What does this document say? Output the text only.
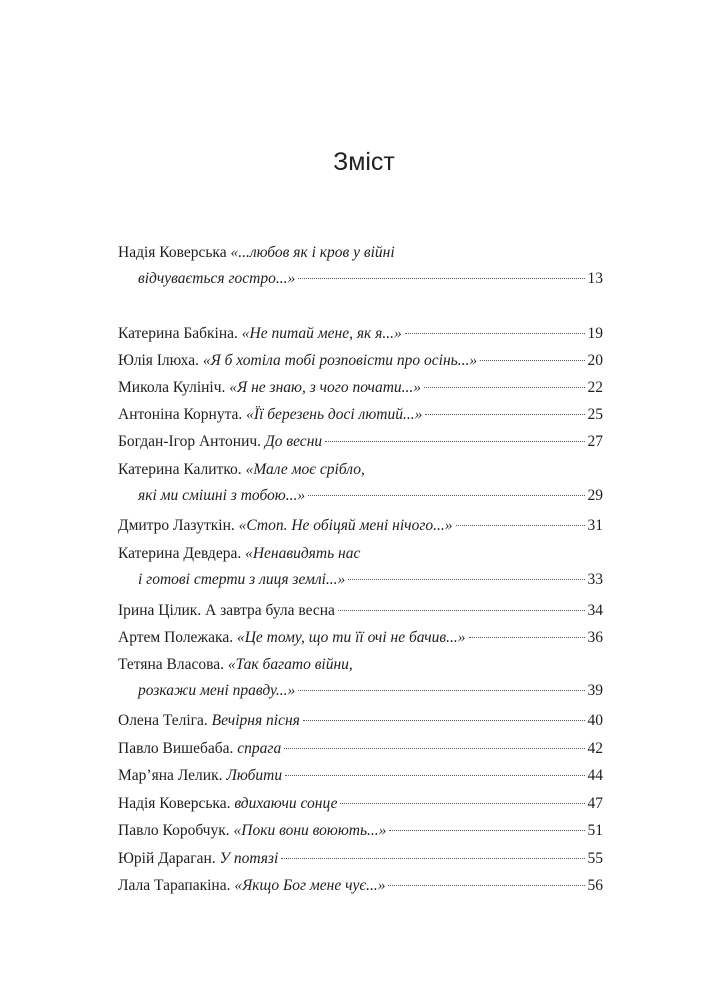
Зміст
Надія Коверська
«...любов як і кров у війні
відчувається гостро...»	13
Катерина Бабкіна.
«Не питай мене, як я...»	19
Юлія Ілюха.
«Я б хотіла тобі розповісти про осінь...»	20
Микола Кулініч.
«Я не знаю, з чого почати...»	22
Антоніна Корнута.
«Її березень досі лютий...»	25
Богдан-Ігор Антонич.
До весни	27
Катерина Калитко.
«Мале моє срібло,
які ми смішні з тобою...»	29
Дмитро Лазуткін.
«Стоп. Не обіцяй мені нічого...»	31
Катерина Девдера.
«Ненавидять нас
і готові стерти з лиця землі...»	33
Ірина Цілик. А завтра була весна	34
Артем Полежака.
«Це тому, що ти її очі не бачив...»	36
Тетяна Власова.
«Так багато війни,
розкажи мені правду...»	39
Олена Теліга.
Вечірня пісня	40
Павло Вишебаба.
спрага	42
Мар’яна Лелик.
Любити	44
Надія Коверська.
вдихаючи сонце	47
Павло Коробчук.
«Поки вони воюють...»	51
Юрій Дараган.
У потязі	55
Лала Тарапакіна.
«Якщо Бог мене чує...»	56
